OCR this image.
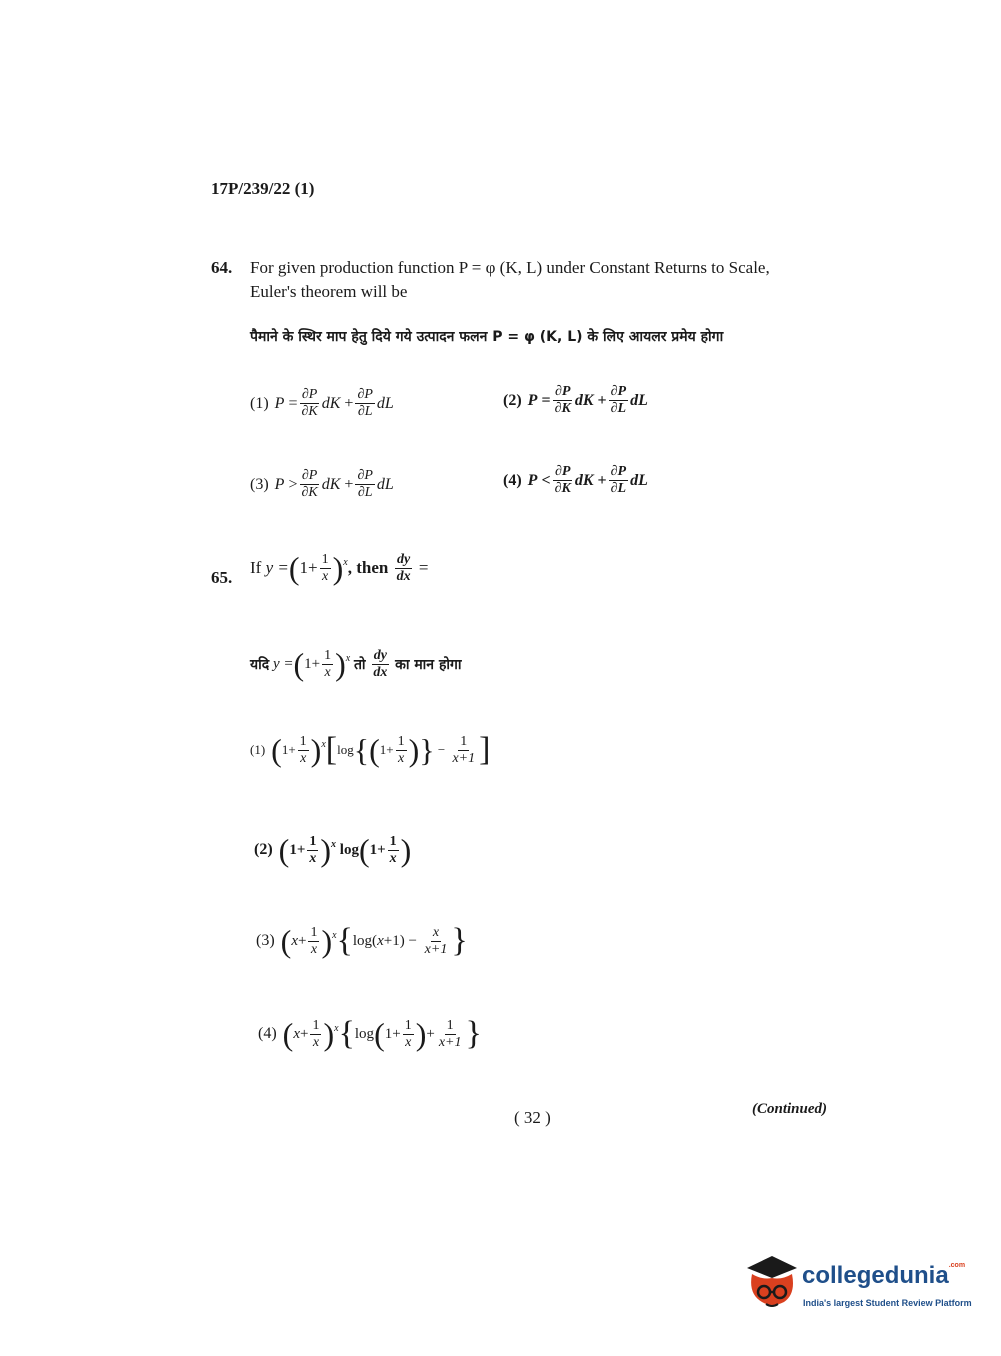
17P/239/22 (1)
64. For given production function P = φ (K, L) under Constant Returns to Scale,
Euler's theorem will be
पैमाने के स्थिर माप हेतु दिये गये उत्पादन फलन P = φ (K, L) के लिए आयलर प्रमेय होगा
(1) P
= $\frac{\partial P}{\partial K}$ dK
+ $\frac{\partial P}{\partial L}$ dL	(2) P
= $\frac{\partial P}{\partial K}$ dK
+ $\frac{\partial P}{\partial L}$ dL
(3) P
> $\frac{\partial P}{\partial K}$ dK
+ $\frac{\partial P}{\partial L}$ dL	(4) P
< $\frac{\partial P}{\partial K}$ dK
+ $\frac{\partial P}{\partial L}$ dL
65.
If
y = ( $1+ \frac{1}{x}$ ) x , then
$\frac{dy}{dx}$
=
यदि
y = ( $1+ \frac{1}{x}$ ) x
तो
$\frac{dy}{dx}$
का मान होगा
(1) ( $1+ \frac{1}{x}$ ) x [ log { ( $1+ \frac{1}{x}$ ) } − $\frac{1}{x+1}$ ]
(2) ( $1+ \frac{1}{x}$ ) x log ( $1+ \frac{1}{x}$ )
(3) ( $x + \frac{1}{x}$ ) x { log( $x +1) - \frac{x}{x+1}$ }
(4) ( $x + \frac{1}{x}$ ) x { log ( $1+ \frac{1}{x}$ ) + $\frac{1}{x+1}$ }
( 32 )	(Continued)
collegedunia$^{.com}$
India's largest Student Review Platform
